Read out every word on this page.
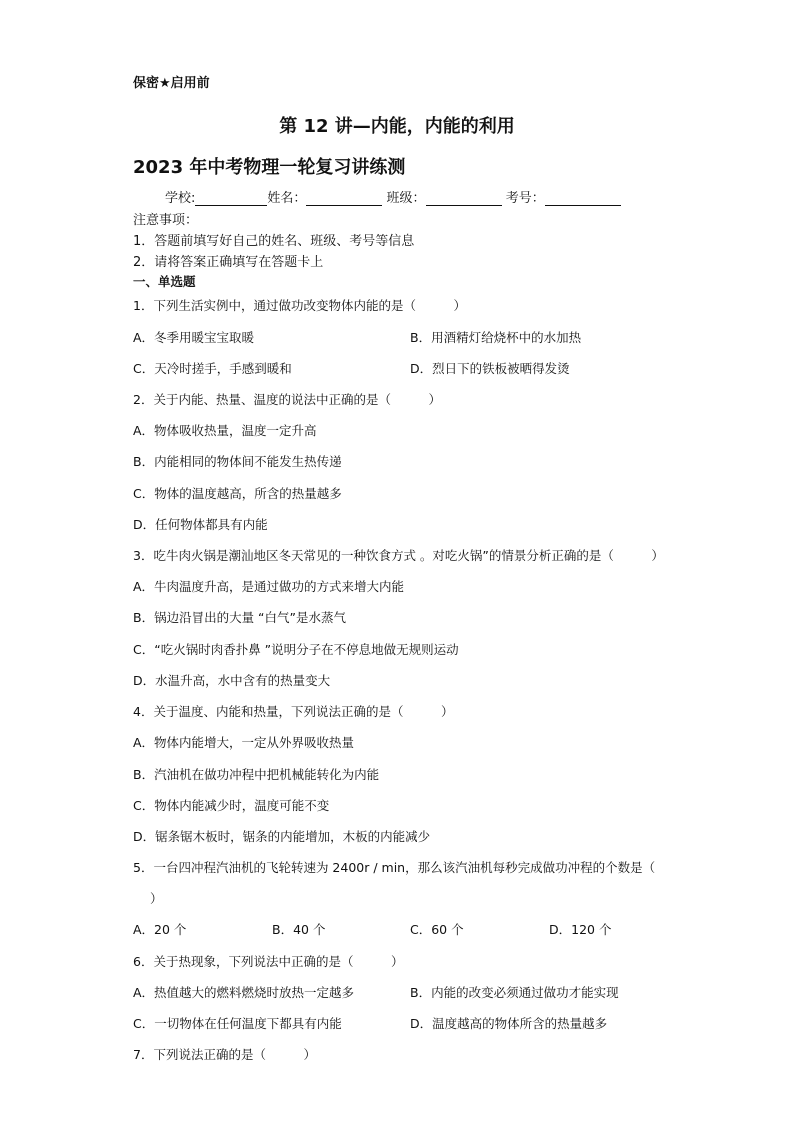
保密★启用前
第 12 讲—内能，内能的利用
2023 年中考物理一轮复习讲练测
学校:	姓名：	班级：	考号：
注意事项：
1．答题前填写好自己的姓名、班级、考号等信息
2．请将答案正确填写在答题卡上
一、单选题
1．下列生活实例中，通过做功改变物体内能的是（　　　）
A．冬季用暖宝宝取暖	B．用酒精灯给烧杯中的水加热
C．天冷时搓手，手感到暖和	D．烈日下的铁板被晒得发烫
2．关于内能、热量、温度的说法中正确的是（　　　）
A．物体吸收热量，温度一定升高
B．内能相同的物体间不能发生热传递
C．物体的温度越高，所含的热量越多
D．任何物体都具有内能
3．吃牛肉火锅是潮汕地区冬天常见的一种饮食方式 。对吃火锅”的情景分析正确的是（　　　）
A．牛肉温度升高，是通过做功的方式来增大内能
B．锅边沿冒出的大量 “白气”是水蒸气
C．“吃火锅时肉香扑鼻 ”说明分子在不停息地做无规则运动
D．水温升高，水中含有的热量变大
4．关于温度、内能和热量，下列说法正确的是（　　　）
A．物体内能增大，一定从外界吸收热量
B．汽油机在做功冲程中把机械能转化为内能
C．物体内能减少时，温度可能不变
D．锯条锯木板时，锯条的内能增加，木板的内能减少
5．一台四冲程汽油机的飞轮转速为 2400r / min，那么该汽油机每秒完成做功冲程的个数是（
）
A．20 个	B．40 个	C．60 个	D．120 个
6．关于热现象，下列说法中正确的是（　　　）
A．热值越大的燃料燃烧时放热一定越多	B．内能的改变必须通过做功才能实现
C．一切物体在任何温度下都具有内能	D．温度越高的物体所含的热量越多
7．下列说法正确的是（　　　）
